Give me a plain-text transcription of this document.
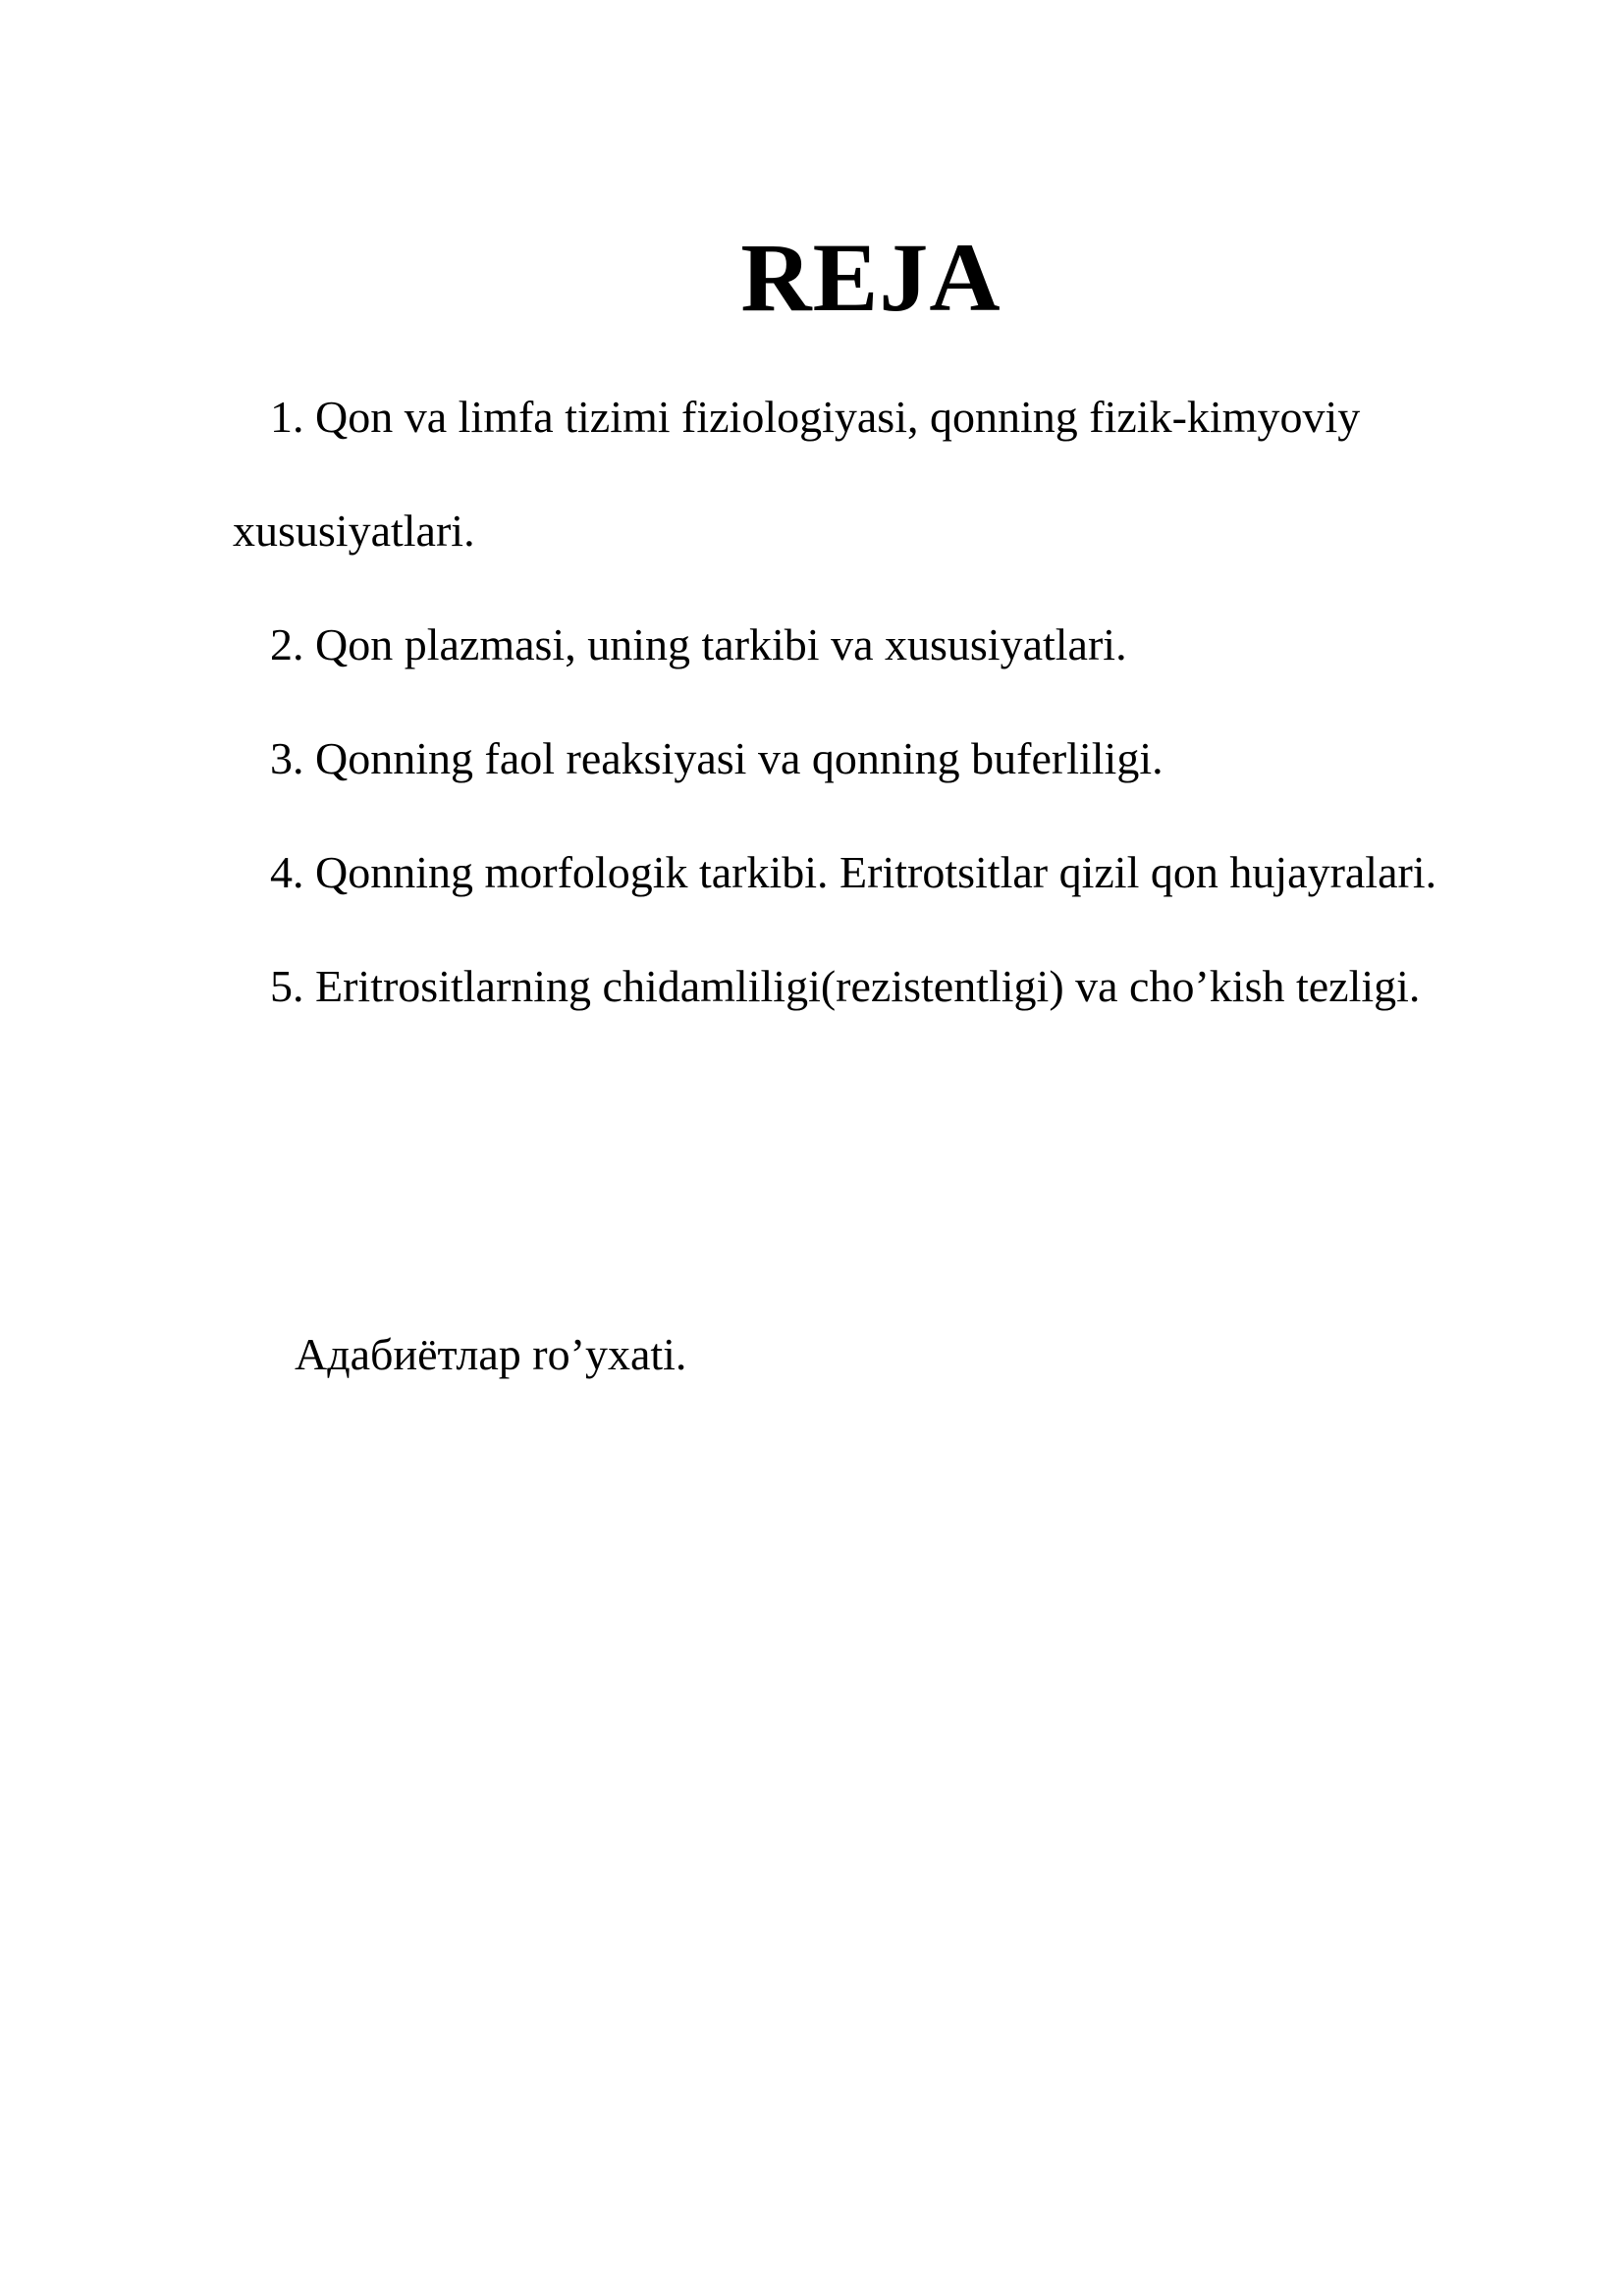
REJA

1. Qon va limfa tizimi fiziologiyasi, qonning fizik-kimyoviy xususiyatlari.

2. Qon plazmasi, uning tarkibi va xususiyatlari.

3. Qonning faol reaksiyasi va qonning buferliligi.

4. Qonning morfologik tarkibi. Eritrotsitlar qizil qon hujayralari.

5. Eritrositlarning chidamliligi(rezistentligi) va cho’kish tezligi.

Адабиётлар ro’yxati.
